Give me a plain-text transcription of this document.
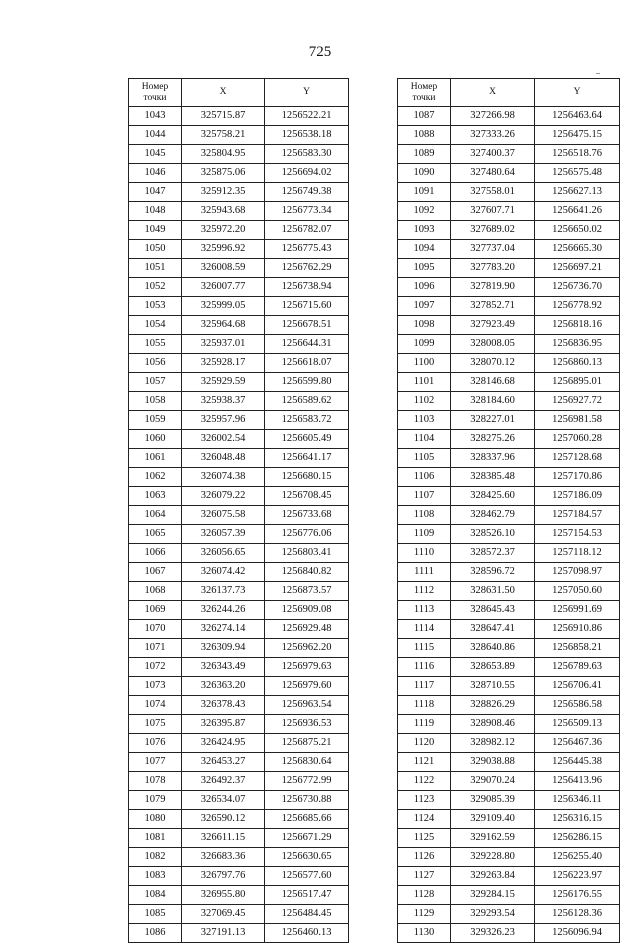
725
Номер
точки	X	Y
1043	325715.87	1256522.21
1044	325758.21	1256538.18
1045	325804.95	1256583.30
1046	325875.06	1256694.02
1047	325912.35	1256749.38
1048	325943.68	1256773.34
1049	325972.20	1256782.07
1050	325996.92	1256775.43
1051	326008.59	1256762.29
1052	326007.77	1256738.94
1053	325999.05	1256715.60
1054	325964.68	1256678.51
1055	325937.01	1256644.31
1056	325928.17	1256618.07
1057	325929.59	1256599.80
1058	325938.37	1256589.62
1059	325957.96	1256583.72
1060	326002.54	1256605.49
1061	326048.48	1256641.17
1062	326074.38	1256680.15
1063	326079.22	1256708.45
1064	326075.58	1256733.68
1065	326057.39	1256776.06
1066	326056.65	1256803.41
1067	326074.42	1256840.82
1068	326137.73	1256873.57
1069	326244.26	1256909.08
1070	326274.14	1256929.48
1071	326309.94	1256962.20
1072	326343.49	1256979.63
1073	326363.20	1256979.60
1074	326378.43	1256963.54
1075	326395.87	1256936.53
1076	326424.95	1256875.21
1077	326453.27	1256830.64
1078	326492.37	1256772.99
1079	326534.07	1256730.88
1080	326590.12	1256685.66
1081	326611.15	1256671.29
1082	326683.36	1256630.65
1083	326797.76	1256577.60
1084	326955.80	1256517.47
1085	327069.45	1256484.45
1086	327191.13	1256460.13
Номер
точки	X	Y
1087	327266.98	1256463.64
1088	327333.26	1256475.15
1089	327400.37	1256518.76
1090	327480.64	1256575.48
1091	327558.01	1256627.13
1092	327607.71	1256641.26
1093	327689.02	1256650.02
1094	327737.04	1256665.30
1095	327783.20	1256697.21
1096	327819.90	1256736.70
1097	327852.71	1256778.92
1098	327923.49	1256818.16
1099	328008.05	1256836.95
1100	328070.12	1256860.13
1101	328146.68	1256895.01
1102	328184.60	1256927.72
1103	328227.01	1256981.58
1104	328275.26	1257060.28
1105	328337.96	1257128.68
1106	328385.48	1257170.86
1107	328425.60	1257186.09
1108	328462.79	1257184.57
1109	328526.10	1257154.53
1110	328572.37	1257118.12
1111	328596.72	1257098.97
1112	328631.50	1257050.60
1113	328645.43	1256991.69
1114	328647.41	1256910.86
1115	328640.86	1256858.21
1116	328653.89	1256789.63
1117	328710.55	1256706.41
1118	328826.29	1256586.58
1119	328908.46	1256509.13
1120	328982.12	1256467.36
1121	329038.88	1256445.38
1122	329070.24	1256413.96
1123	329085.39	1256346.11
1124	329109.40	1256316.15
1125	329162.59	1256286.15
1126	329228.80	1256255.40
1127	329263.84	1256223.97
1128	329284.15	1256176.55
1129	329293.54	1256128.36
1130	329326.23	1256096.94
